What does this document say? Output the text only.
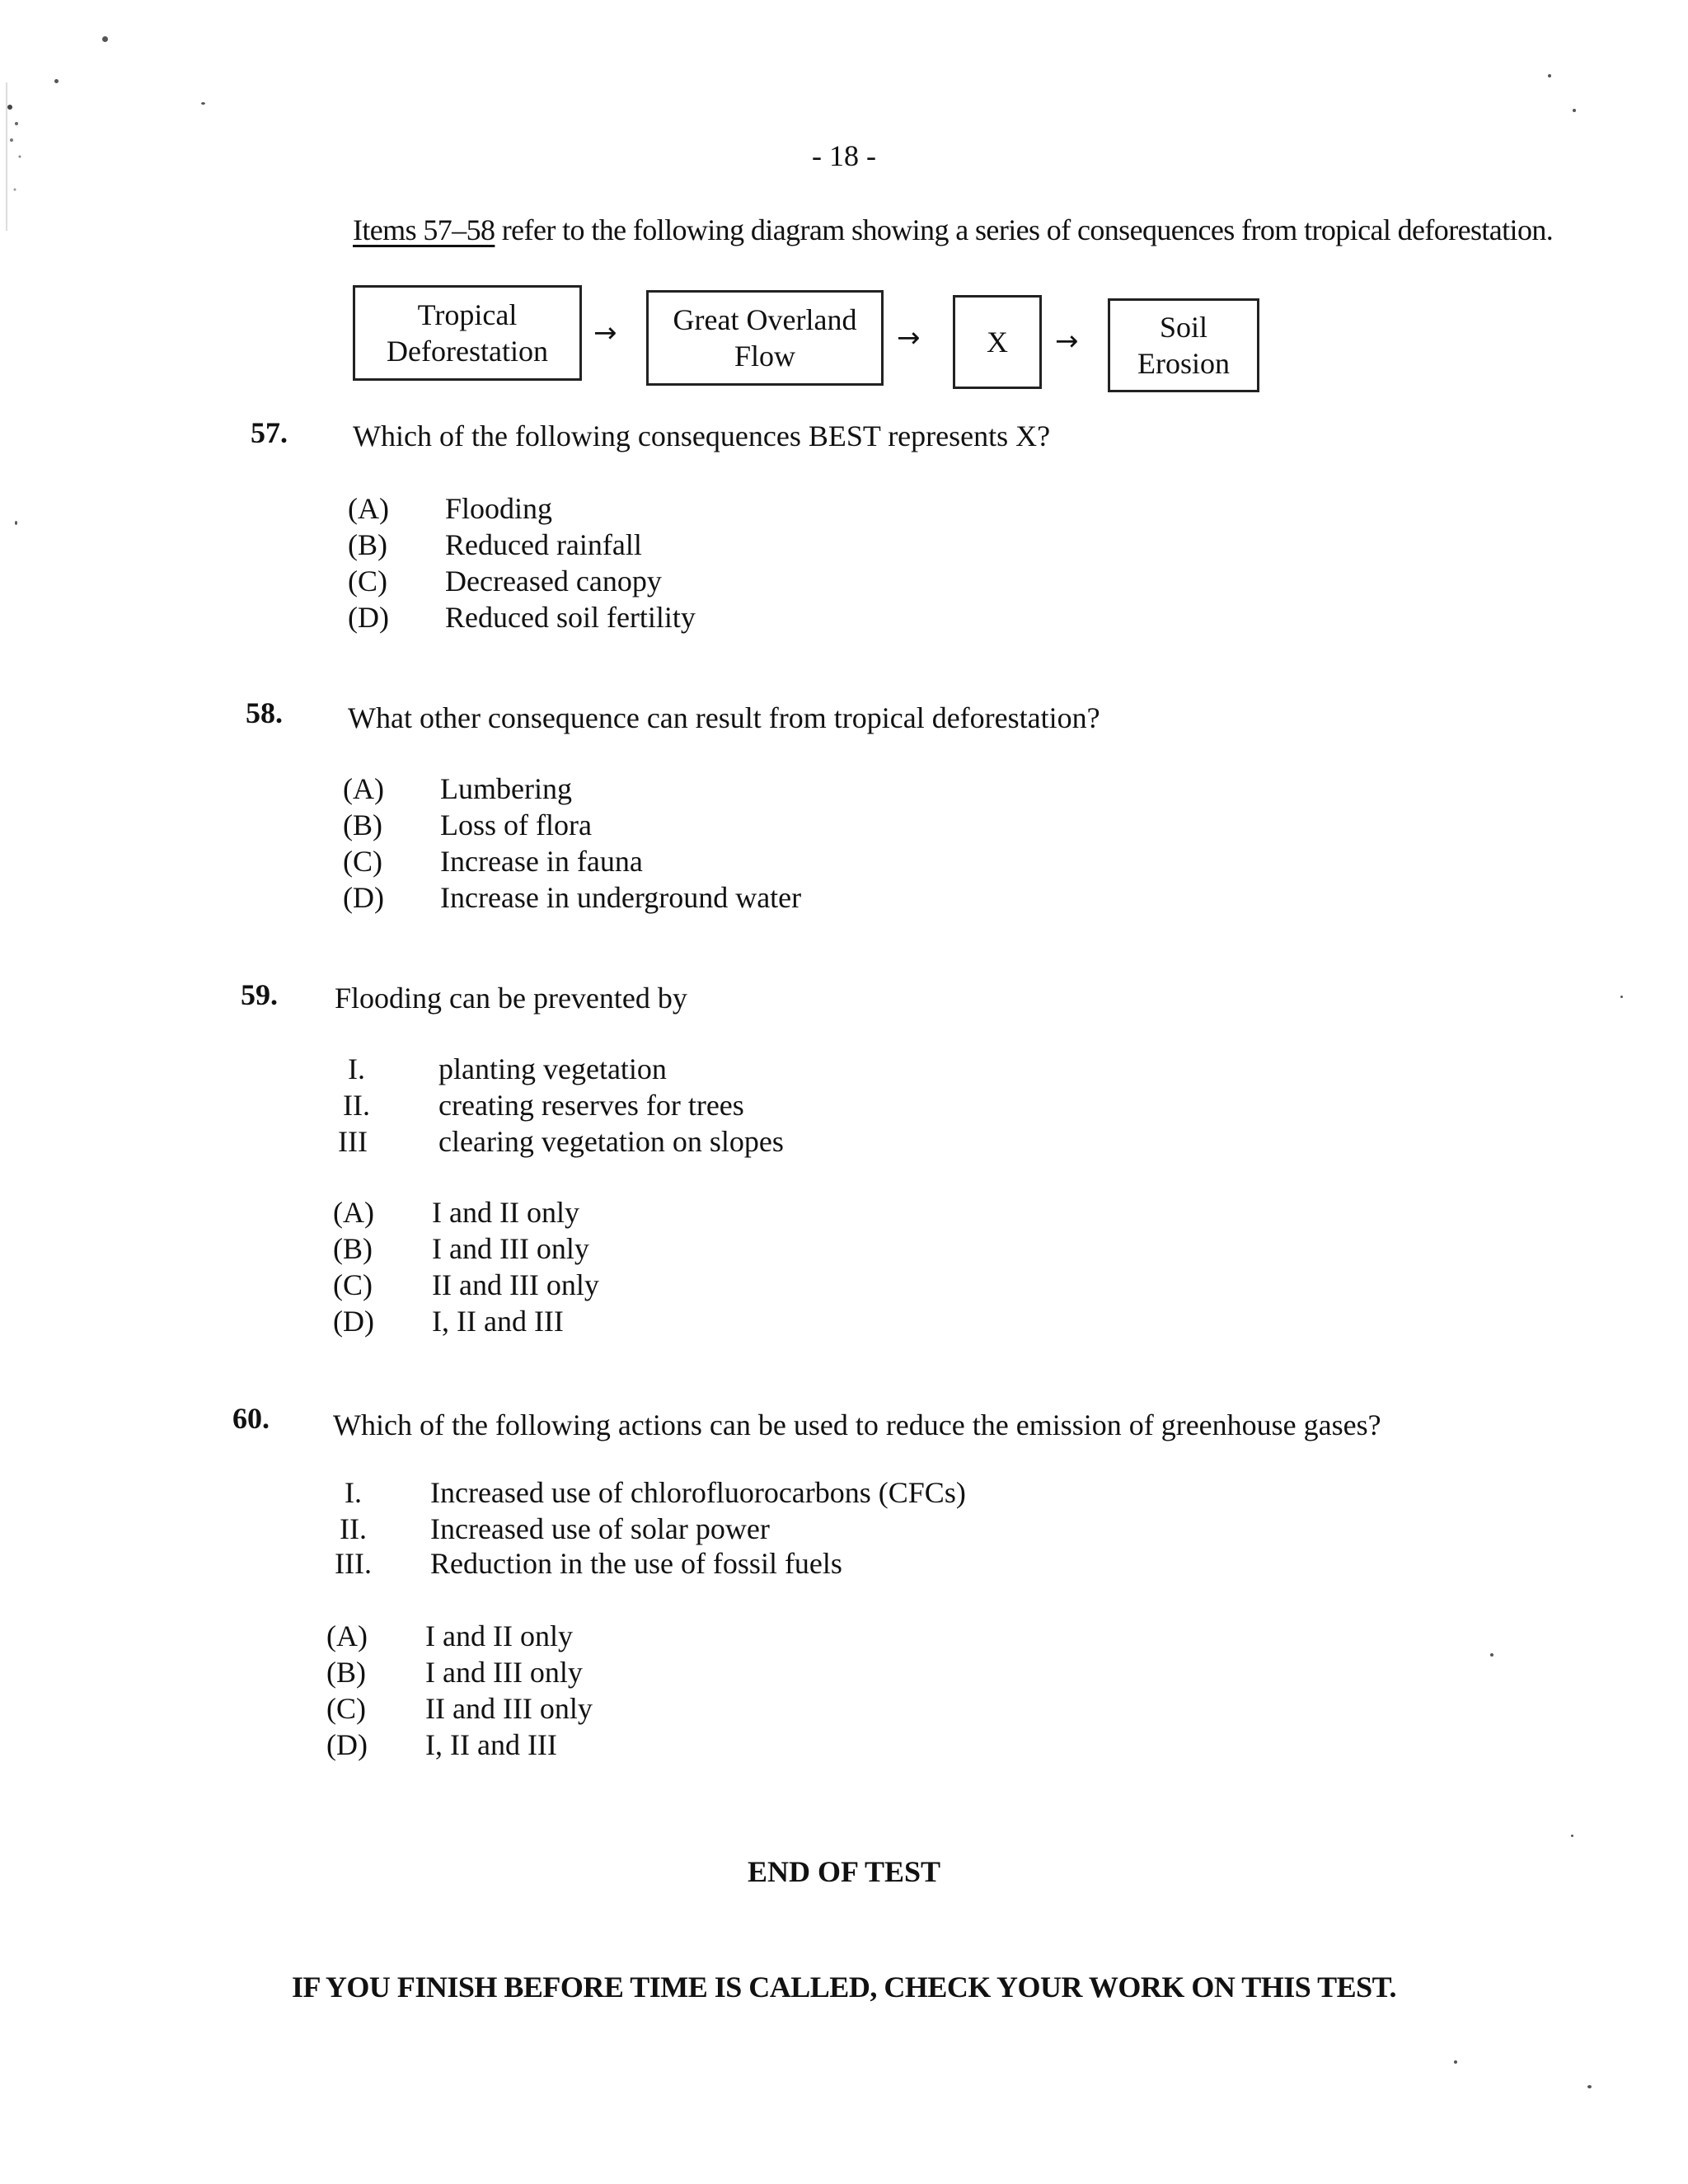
- 18 -
Items 57–58 refer to the following diagram showing a series of consequences from tropical deforestation.
Tropical
Deforestation
→	Great Overland
Flow
→	X	→	Soil
Erosion
57. Which of the following consequences BEST represents X?
(A) Flooding
(B) Reduced rainfall
(C) Decreased canopy
(D) Reduced soil fertility
58. What other consequence can result from tropical deforestation?
(A) Lumbering
(B) Loss of flora
(C) Increase in fauna
(D) Increase in underground water
59. Flooding can be prevented by
I. planting vegetation
II. creating reserves for trees
III clearing vegetation on slopes
(A) I and II only
(B) I and III only
(C) II and III only
(D) I, II and III
60. Which of the following actions can be used to reduce the emission of greenhouse gases?
I. Increased use of chlorofluorocarbons (CFCs)
II. Increased use of solar power
III. Reduction in the use of fossil fuels
(A) I and II only
(B) I and III only
(C) II and III only
(D) I, II and III
END OF TEST
IF YOU FINISH BEFORE TIME IS CALLED, CHECK YOUR WORK ON THIS TEST.
